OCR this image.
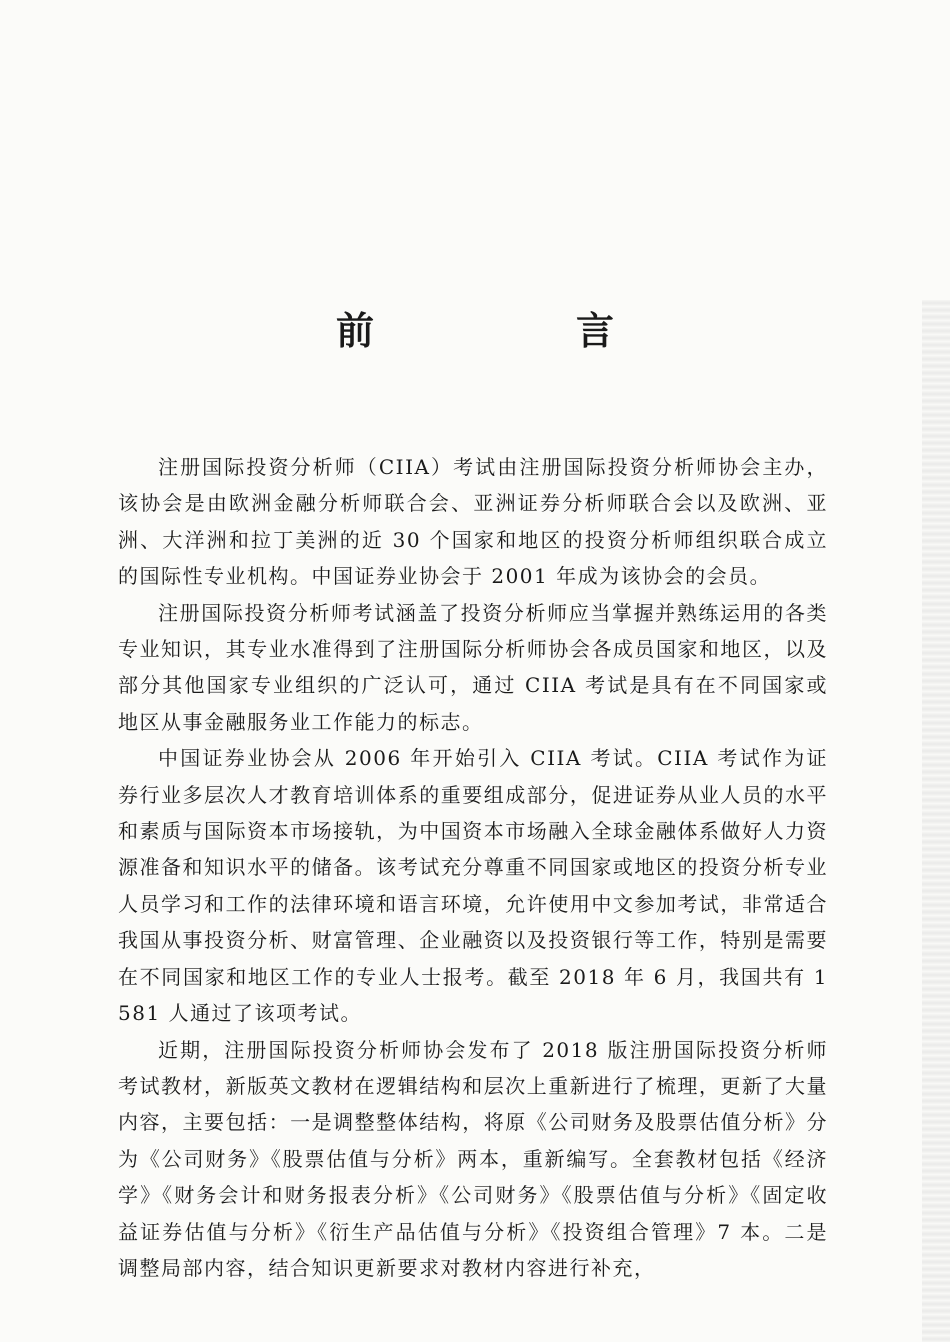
前　言

注册国际投资分析师（CIIA）考试由注册国际投资分析师协会主办，该协会是由欧洲金融分析师联合会、亚洲证券分析师联合会以及欧洲、亚洲、大洋洲和拉丁美洲的近 30 个国家和地区的投资分析师组织联合成立的国际性专业机构。中国证券业协会于 2001 年成为该协会的会员。

注册国际投资分析师考试涵盖了投资分析师应当掌握并熟练运用的各类专业知识，其专业水准得到了注册国际分析师协会各成员国家和地区，以及部分其他国家专业组织的广泛认可，通过 CIIA 考试是具有在不同国家或地区从事金融服务业工作能力的标志。

中国证券业协会从 2006 年开始引入 CIIA 考试。CIIA 考试作为证券行业多层次人才教育培训体系的重要组成部分，促进证券从业人员的水平和素质与国际资本市场接轨，为中国资本市场融入全球金融体系做好人力资源准备和知识水平的储备。该考试充分尊重不同国家或地区的投资分析专业人员学习和工作的法律环境和语言环境，允许使用中文参加考试，非常适合我国从事投资分析、财富管理、企业融资以及投资银行等工作，特别是需要在不同国家和地区工作的专业人士报考。截至 2018 年 6 月，我国共有 1 581 人通过了该项考试。

近期，注册国际投资分析师协会发布了 2018 版注册国际投资分析师考试教材，新版英文教材在逻辑结构和层次上重新进行了梳理，更新了大量内容，主要包括：一是调整整体结构，将原《公司财务及股票估值分析》分为《公司财务》《股票估值与分析》两本，重新编写。全套教材包括《经济学》《财务会计和财务报表分析》《公司财务》《股票估值与分析》《固定收益证券估值与分析》《衍生产品估值与分析》《投资组合管理》7 本。二是调整局部内容，结合知识更新要求对教材内容进行补充，
